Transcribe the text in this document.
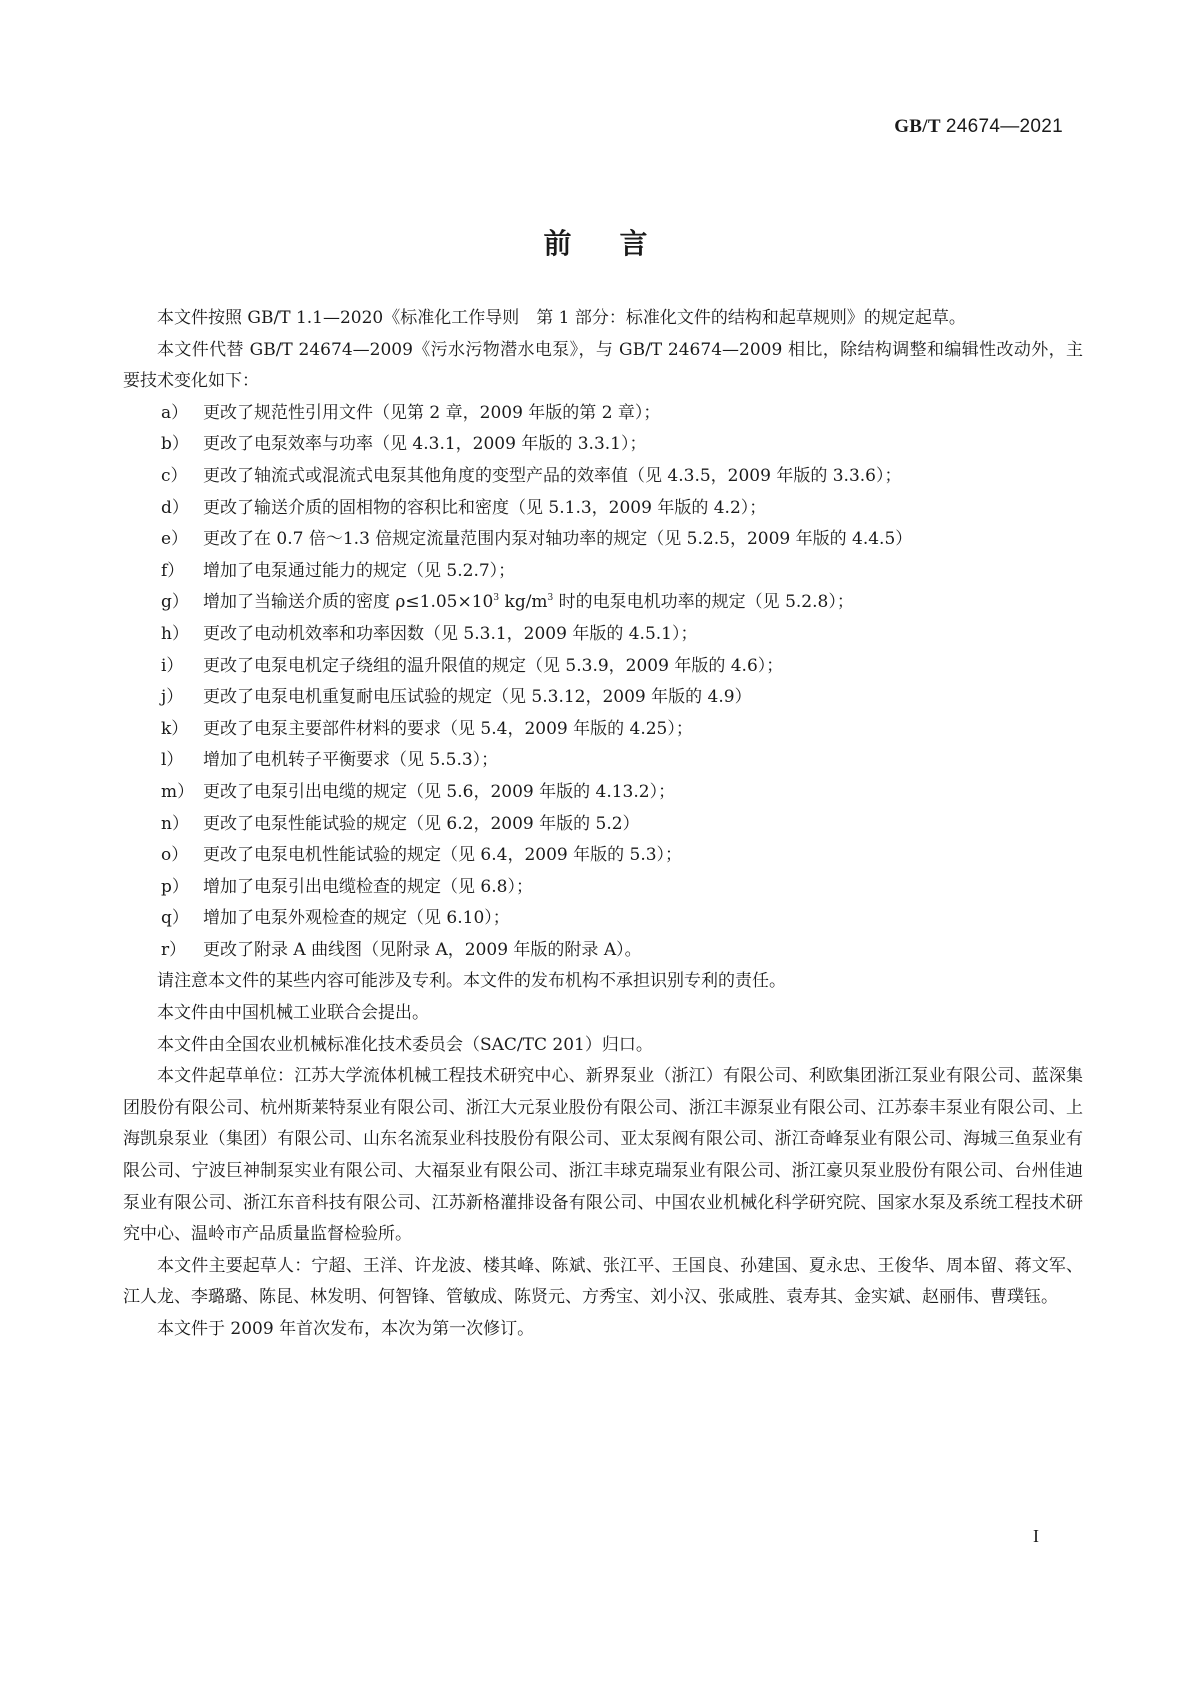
GB/T 24674—2021
前言

本文件按照 GB/T 1.1—2020《标准化工作导则　第 1 部分：标准化文件的结构和起草规则》的规定起草。

本文件代替 GB/T 24674—2009《污水污物潜水电泵》，与 GB/T 24674—2009 相比，除结构调整和编辑性改动外，主要技术变化如下：

a） 更改了规范性引用文件（见第 2 章，2009 年版的第 2 章）；
b） 更改了电泵效率与功率（见 4.3.1，2009 年版的 3.3.1）；
c） 更改了轴流式或混流式电泵其他角度的变型产品的效率值（见 4.3.5，2009 年版的 3.3.6）；
d） 更改了输送介质的固相物的容积比和密度（见 5.1.3，2009 年版的 4.2）；
e） 更改了在 0.7 倍～1.3 倍规定流量范围内泵对轴功率的规定（见 5.2.5，2009 年版的 4.4.5）
f）	增加了电泵通过能力的规定（见 5.2.7）；
g） 增加了当输送介质的密度 $\rho\le 1.05\times 10^3$ $kg/m^3$ 时的电泵电机功率的规定（见 5.2.8）；
h） 更改了电动机效率和功率因数（见 5.3.1，2009 年版的 4.5.1）；
i）	更改了电泵电机定子绕组的温升限值的规定（见 5.3.9，2009 年版的 4.6）；
j）	更改了电泵电机重复耐电压试验的规定（见 5.3.12，2009 年版的 4.9）
k） 更改了电泵主要部件材料的要求（见 5.4，2009 年版的 4.25）；
l）	增加了电机转子平衡要求（见 5.5.3）；
m） 更改了电泵引出电缆的规定（见 5.6，2009 年版的 4.13.2）；
n） 更改了电泵性能试验的规定（见 6.2，2009 年版的 5.2）
o） 更改了电泵电机性能试验的规定（见 6.4，2009 年版的 5.3）；
p） 增加了电泵引出电缆检查的规定（见 6.8）；
q） 增加了电泵外观检查的规定（见 6.10）；
r） 更改了附录 A 曲线图（见附录 A，2009 年版的附录 A）。

请注意本文件的某些内容可能涉及专利。本文件的发布机构不承担识别专利的责任。

本文件由中国机械工业联合会提出。

本文件由全国农业机械标准化技术委员会（SAC/TC 201）归口。

本文件起草单位：江苏大学流体机械工程技术研究中心、新界泵业（浙江）有限公司、利欧集团浙江泵业有限公司、蓝深集团股份有限公司、杭州斯莱特泵业有限公司、浙江大元泵业股份有限公司、浙江丰源泵业有限公司、江苏泰丰泵业有限公司、上海凯泉泵业（集团）有限公司、山东名流泵业科技股份有限公司、亚太泵阀有限公司、浙江奇峰泵业有限公司、海城三鱼泵业有限公司、宁波巨神制泵实业有限公司、大福泵业有限公司、浙江丰球克瑞泵业有限公司、浙江豪贝泵业股份有限公司、台州佳迪泵业有限公司、浙江东音科技有限公司、江苏新格灌排设备有限公司、中国农业机械化科学研究院、国家水泵及系统工程技术研究中心、温岭市产品质量监督检验所。

本文件主要起草人：宁超、王洋、许龙波、楼其峰、陈斌、张江平、王国良、孙建国、夏永忠、王俊华、周本留、蒋文军、江人龙、李璐璐、陈昆、林发明、何智锋、管敏成、陈贤元、方秀宝、刘小汉、张咸胜、袁寿其、金实斌、赵丽伟、曹璞钰。

本文件于 2009 年首次发布，本次为第一次修订。

I
